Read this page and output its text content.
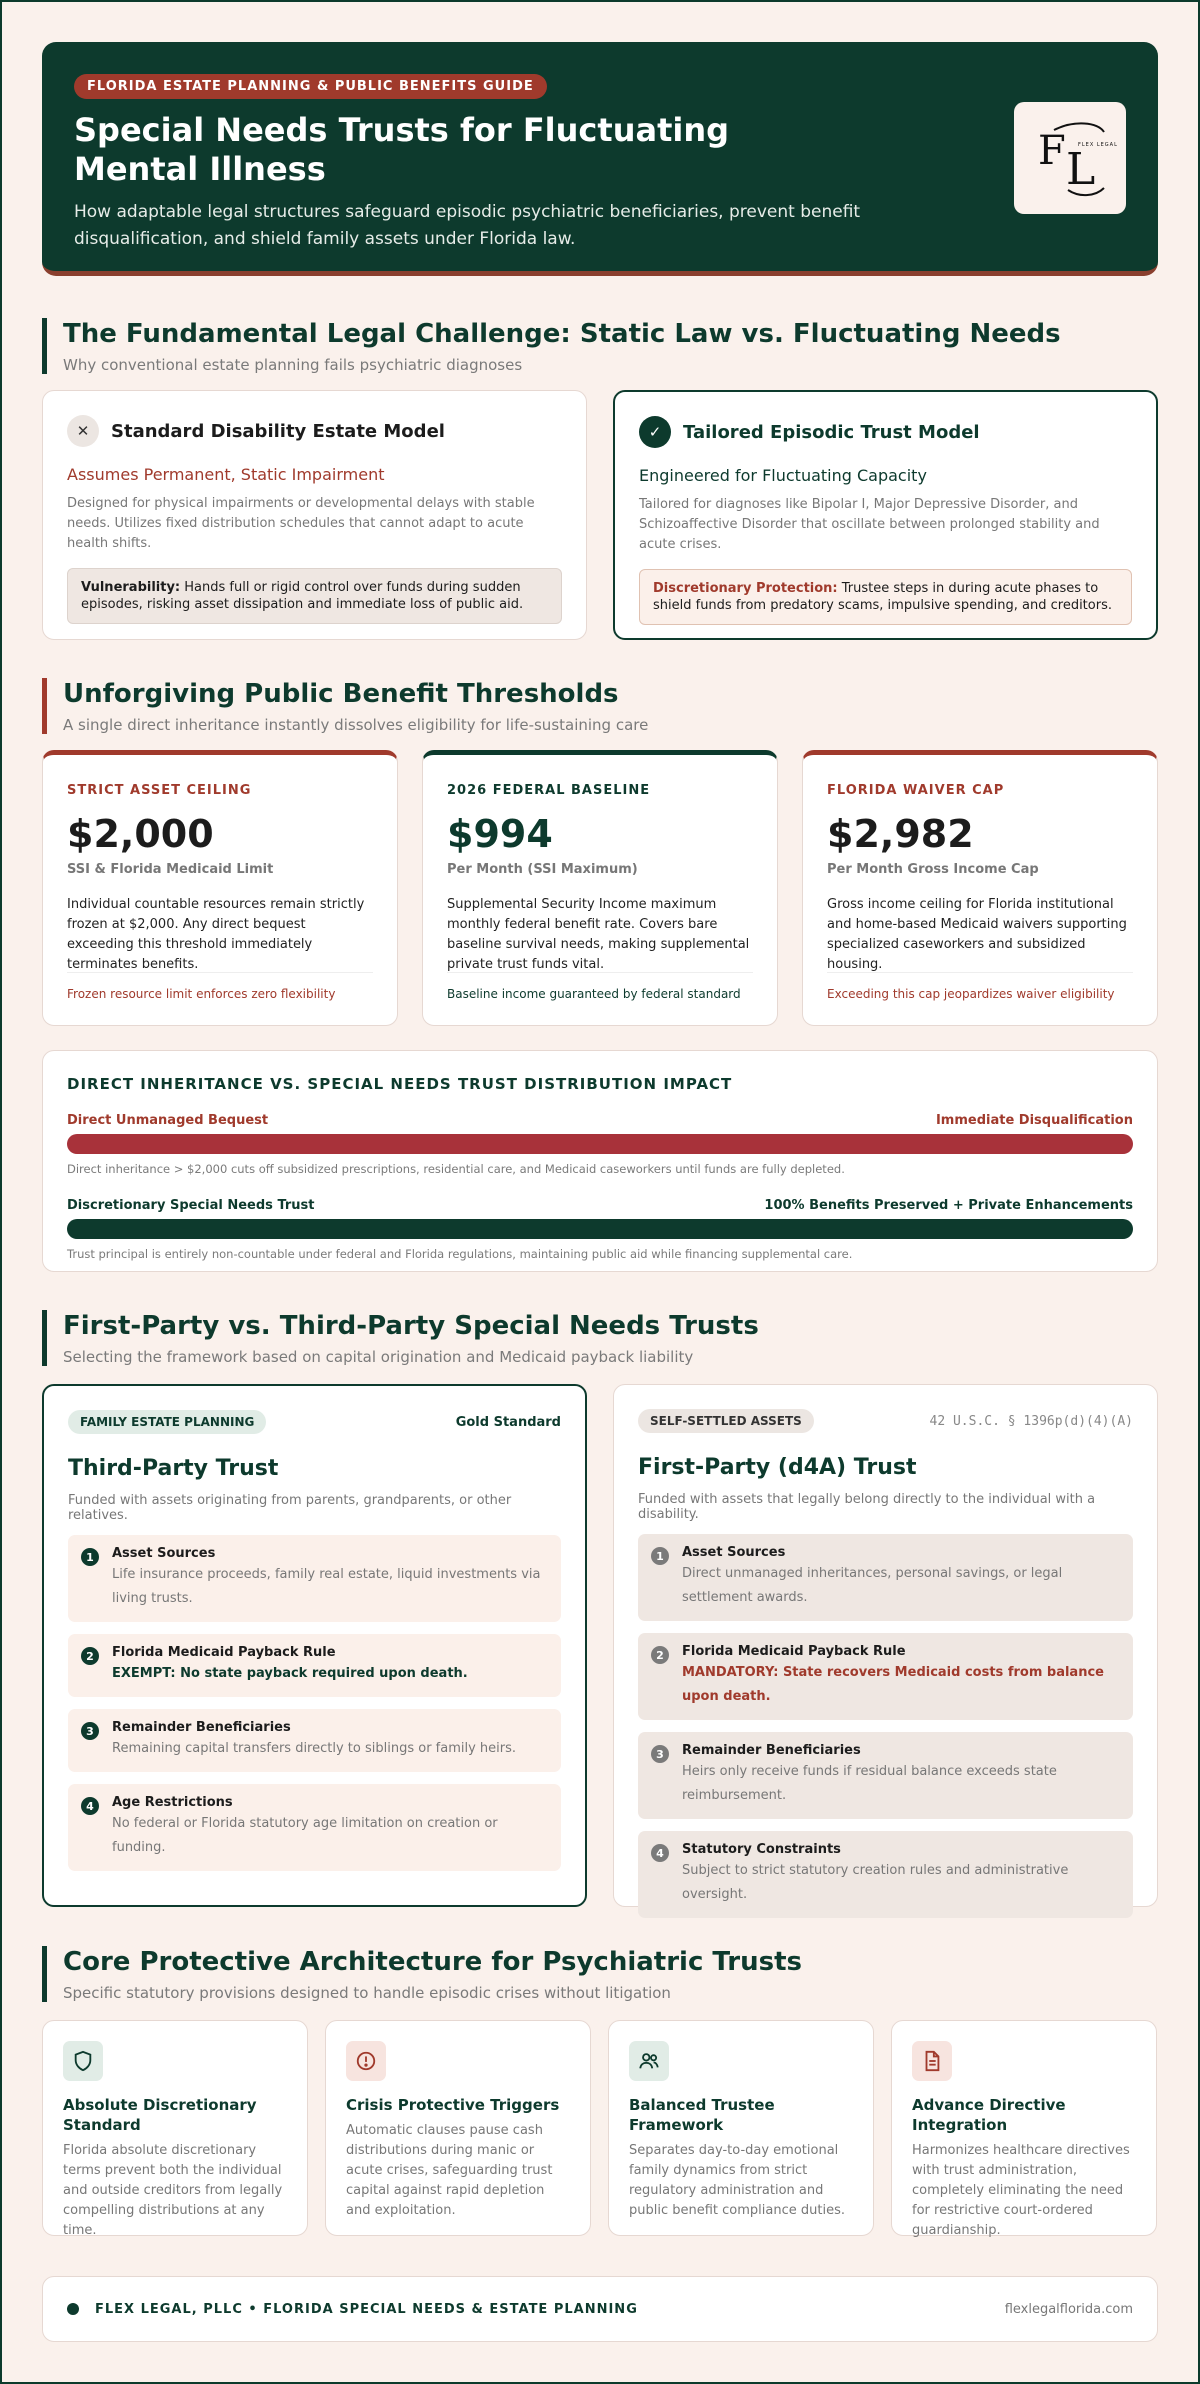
FLORIDA ESTATE PLANNING & PUBLIC BENEFITS GUIDE
Special Needs Trusts for Fluctuating Mental Illness
How adaptable legal structures safeguard episodic psychiatric beneficiaries, prevent benefit disqualification, and shield family assets under Florida law.
F L
FLEX LEGAL
The Fundamental Legal Challenge: Static Law vs. Fluctuating Needs
Why conventional estate planning fails psychiatric diagnoses
✕	Standard Disability Estate Model
Assumes Permanent, Static Impairment
Designed for physical impairments or developmental delays with stable needs. Utilizes fixed distribution schedules that cannot adapt to acute health shifts.
Vulnerability: Hands full or rigid control over funds during sudden episodes, risking asset dissipation and immediate loss of public aid.
✓	Tailored Episodic Trust Model
Engineered for Fluctuating Capacity
Tailored for diagnoses like Bipolar I, Major Depressive Disorder, and Schizoaffective Disorder that oscillate between prolonged stability and acute crises.
Discretionary Protection: Trustee steps in during acute phases to shield funds from predatory scams, impulsive spending, and creditors.
Unforgiving Public Benefit Thresholds
A single direct inheritance instantly dissolves eligibility for life-sustaining care
STRICT ASSET CEILING
$2,000
SSI & Florida Medicaid Limit
Individual countable resources remain strictly frozen at $2,000. Any direct bequest exceeding this threshold immediately terminates benefits.
Frozen resource limit enforces zero flexibility
2026 FEDERAL BASELINE
$994
Per Month (SSI Maximum)
Supplemental Security Income maximum monthly federal benefit rate. Covers bare baseline survival needs, making supplemental private trust funds vital.
Baseline income guaranteed by federal standard
FLORIDA WAIVER CAP
$2,982
Per Month Gross Income Cap
Gross income ceiling for Florida institutional and home-based Medicaid waivers supporting specialized caseworkers and subsidized housing.
Exceeding this cap jeopardizes waiver eligibility
DIRECT INHERITANCE VS. SPECIAL NEEDS TRUST DISTRIBUTION IMPACT
Direct Unmanaged Bequest	Immediate Disqualification
Direct inheritance > $2,000 cuts off subsidized prescriptions, residential care, and Medicaid caseworkers until funds are fully depleted.
Discretionary Special Needs Trust	100% Benefits Preserved + Private Enhancements
Trust principal is entirely non-countable under federal and Florida regulations, maintaining public aid while financing supplemental care.
First-Party vs. Third-Party Special Needs Trusts
Selecting the framework based on capital origination and Medicaid payback liability
FAMILY ESTATE PLANNING	Gold Standard
Third-Party Trust
Funded with assets originating from parents, grandparents, or other relatives.
1	Asset Sources
Life insurance proceeds, family real estate, liquid investments via living trusts.
2	Florida Medicaid Payback Rule
EXEMPT: No state payback required upon death.
3	Remainder Beneficiaries
Remaining capital transfers directly to siblings or family heirs.
4	Age Restrictions
No federal or Florida statutory age limitation on creation or funding.
SELF-SETTLED ASSETS	42 U.S.C. § 1396p(d)(4)(A)
First-Party (d4A) Trust
Funded with assets that legally belong directly to the individual with a disability.
1	Asset Sources
Direct unmanaged inheritances, personal savings, or legal settlement awards.
2	Florida Medicaid Payback Rule
MANDATORY: State recovers Medicaid costs from balance upon death.
3	Remainder Beneficiaries
Heirs only receive funds if residual balance exceeds state reimbursement.
4	Statutory Constraints
Subject to strict statutory creation rules and administrative oversight.
Core Protective Architecture for Psychiatric Trusts
Specific statutory provisions designed to handle episodic crises without litigation
Absolute Discretionary Standard
Florida absolute discretionary terms prevent both the individual and outside creditors from legally compelling distributions at any time.
Crisis Protective Triggers
Automatic clauses pause cash distributions during manic or acute crises, safeguarding trust capital against rapid depletion and exploitation.
Balanced Trustee Framework
Separates day-to-day emotional family dynamics from strict regulatory administration and public benefit compliance duties.
Advance Directive Integration
Harmonizes healthcare directives with trust administration, completely eliminating the need for restrictive court-ordered guardianship.
FLEX LEGAL, PLLC • FLORIDA SPECIAL NEEDS & ESTATE PLANNING	flexlegalflorida.com
